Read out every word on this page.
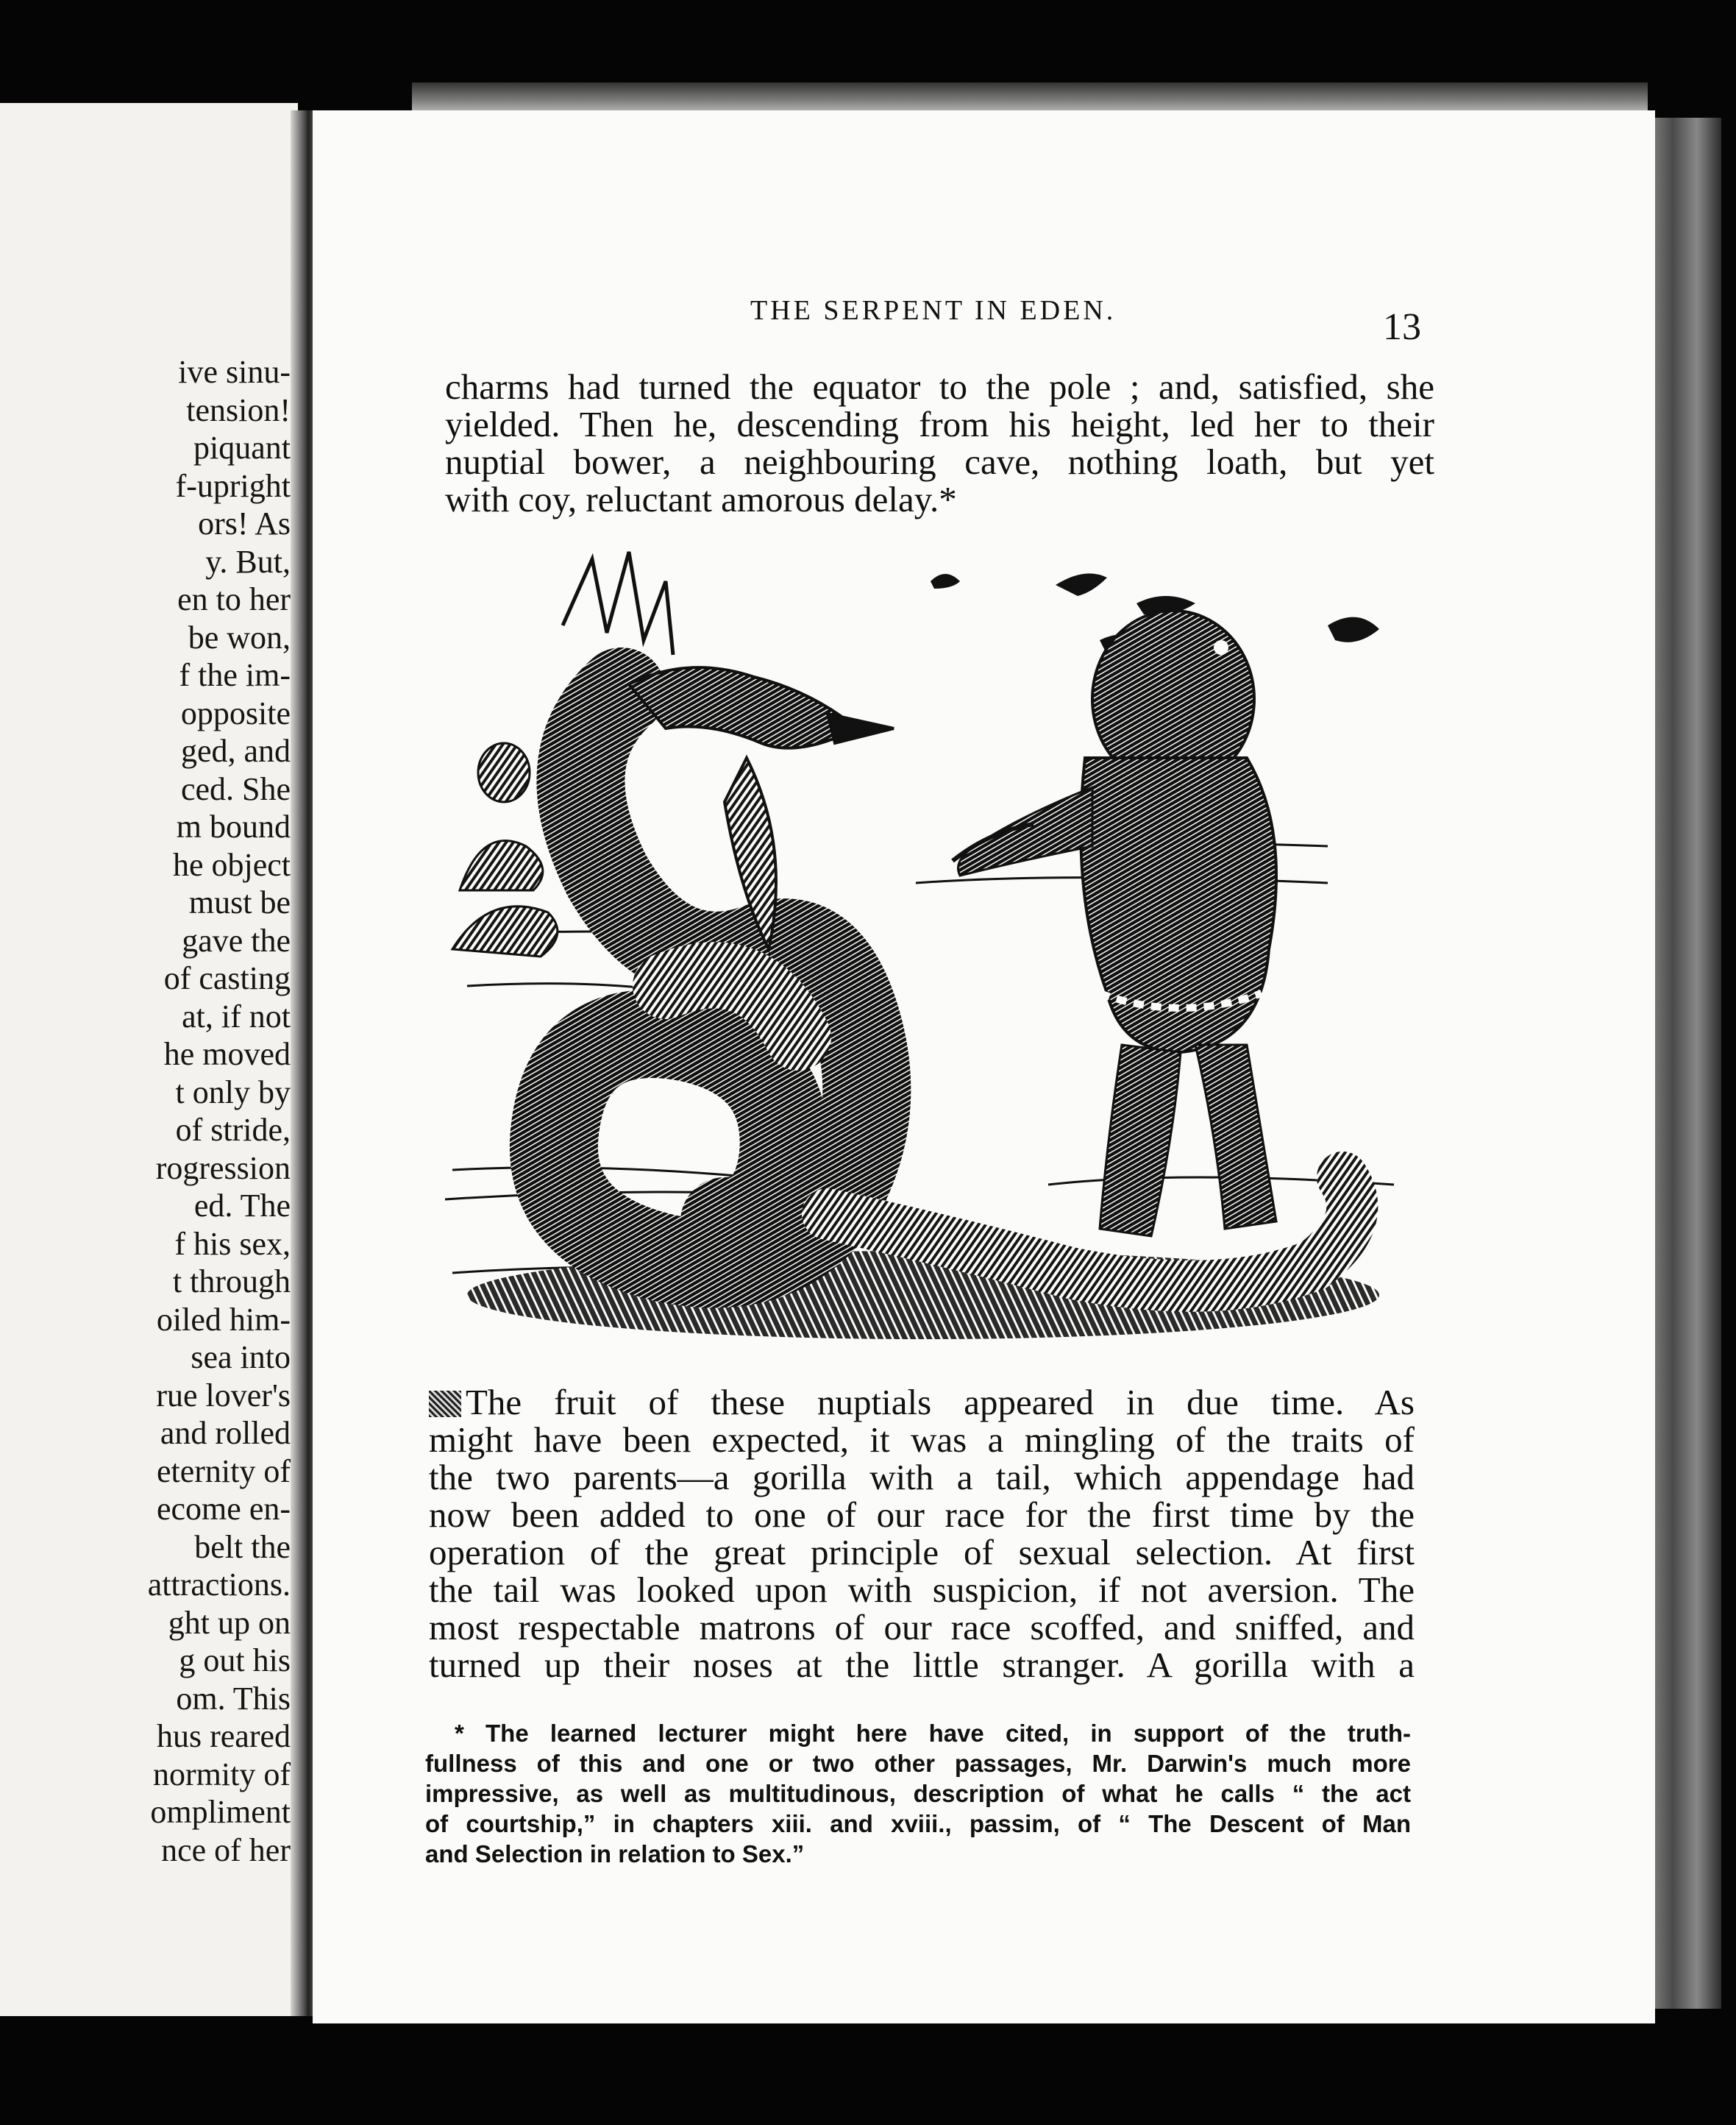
ive sinu-
tension!
piquant
f-upright
ors! As
y. But,
en to her
be won,
f the im-
opposite
ged, and
ced. She
m bound
he object
must be
gave the
of casting
at, if not
he moved
t only by
of stride,
rogression
ed. The
f his sex,
t through
oiled him-
sea into
rue lover's
and rolled
eternity of
ecome en-
belt the
attractions.
ght up on
g out his
om. This
hus reared
normity of
ompliment
nce of her
THE SERPENT IN EDEN.	13
charms had turned the equator to the pole ; and, satisfied, she
yielded. Then he, descending from his height, led her to their
nuptial bower, a neighbouring cave, nothing loath, but yet
with coy, reluctant amorous delay.*
The fruit of these nuptials appeared in due time. As
might have been expected, it was a mingling of the traits of
the two parents—a gorilla with a tail, which appendage had
now been added to one of our race for the first time by the
operation of the great principle of sexual selection. At first
the tail was looked upon with suspicion, if not aversion. The
most respectable matrons of our race scoffed, and sniffed, and
turned up their noses at the little stranger. A gorilla with a
* The learned lecturer might here have cited, in support of the truth-
fullness of this and one or two other passages, Mr. Darwin's much more
impressive, as well as multitudinous, description of what he calls “ the act
of courtship,” in chapters xiii. and xviii., passim, of “ The Descent of Man
and Selection in relation to Sex.”
